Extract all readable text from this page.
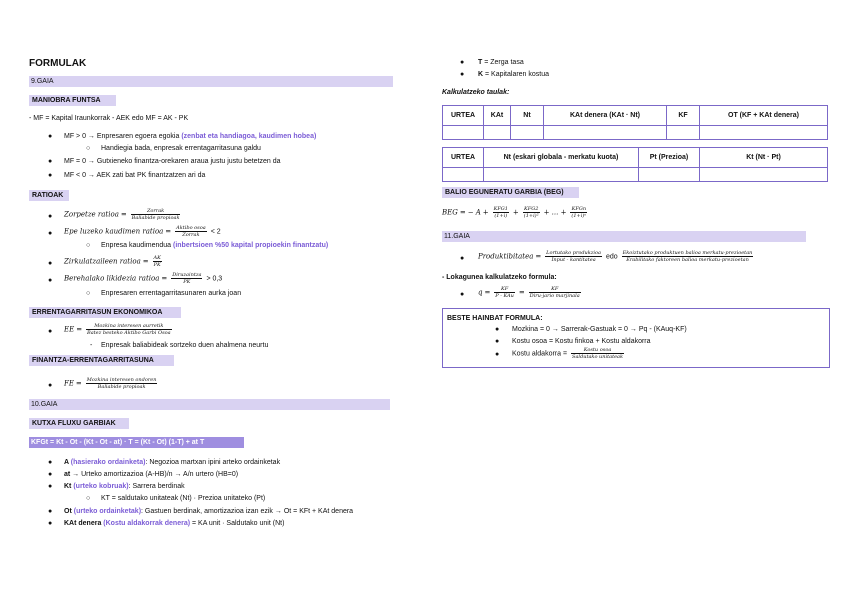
FORMULAK
9.GAIA
MANIOBRA FUNTSA
- MF = Kapital Iraunkorrak - AEK edo MF = AK - PK
● MF > 0 → Enpresaren egoera egokia (zenbat eta handiagoa, kaudimen hobea)
○ Handiegia bada, enpresak errentagarritasuna galdu
● MF = 0 → Gutxieneko finantza-orekaren araua justu justu betetzen da
● MF < 0 → AEK zati bat PK finantzatzen ari da
RATIOAK
● Zorpetze ratioa = $\frac{\text{Zorrak}}{\text{Baliabide propioak}}$
● Epe luzeko kaudimen ratioa = $\frac{\text{Aktibo osoa}}{\text{Zorrak}} < 2$
○ Enpresa kaudimendua (inbertsioen %50 kapital propioekin finantzatu)
● Zirkulatzaileen ratioa = $\frac{AK}{PK}$
● Berehalako likidezia ratioa = $\frac{\text{Diruzaintza}}{PK} > 0,3$
○ Enpresaren errentagarritasunaren aurka joan
ERRENTAGARRITASUN EKONOMIKOA
● EE = $\frac{\text{Mozkina interesen aurretik}}{\text{Batez besteko Aktibo Garbi Osoa}}$
- Enpresak baliabideak sortzeko duen ahalmena neurtu
FINANTZA-ERRENTAGARRITASUNA
● FE = $\frac{\text{Mozkina interesen ondoren}}{\text{Baliabide propioak}}$
10.GAIA
KUTXA FLUXU GARBIAK
KFGt = Kt - Ot - (Kt - Ot - at) · T = (Kt - Ot) (1-T) + at T
● A (hasierako ordainketa): Negozioa martxan ipini arteko ordainketak
● at → Urteko amortizazioa (A-HB)/n → A/n urtero (HB=0)
● Kt (urteko kobruak): Sarrera berdinak
○ KT = saldutako unitateak (Nt) · Prezioa unitateko (Pt)
● Ot (urteko ordainketak): Gastuen berdinak, amortizazioa izan ezik → Ot = KFt + KAt denera
● KAt denera (Kostu aldakorrak denera) = KA unit · Saldutako unit (Nt)
● T = Zerga tasa
● K = Kapitalaren kostua
Kalkulatzeko taulak:
URTEA	KAt	Nt	KAt denera (KAt · Nt)	KF	OT (KF + KAt denera)

URTEA	Nt (eskari globala - merkatu kuota)	Pt (Prezioa)	Kt (Nt · Pt)

BALIO EGUNERATU GARBIA (BEG)
BEG = − $A + \frac{\text{KFG1}}{(1+i)} + \frac{\text{KFG2}}{\text{(1+i)²}}$ + ... + $\frac{\text{KFGn}}{\text{(1+i)ⁿ}}$
11.GAIA
● Produktibitatea = $\frac{\text{Lortutako produkzioa}}{\text{Input - kantitatea}}$ edo $\frac{\text{Ekoiztutako produktuen balioa merkatu-prezioetan}}{\text{Erabilitako faktoreen balioa merkatu-prezioetan}}$
- Lokagunea kalkulatzeko formula:
● $q = \frac{KF}{\text{P - KAu}} = \frac{KF}{\text{Diru-jario marjinala}}$
BESTE HAINBAT FORMULA:
● Mozkina = 0 → Sarrerak-Gastuak = 0 → Pq - (KAuq-KF)
● Kostu osoa = Kostu finkoa + Kostu aldakorra
● Kostu aldakorra = $\frac{\text{Kostu osoa}}{\text{Saldutako unitateak}}$
